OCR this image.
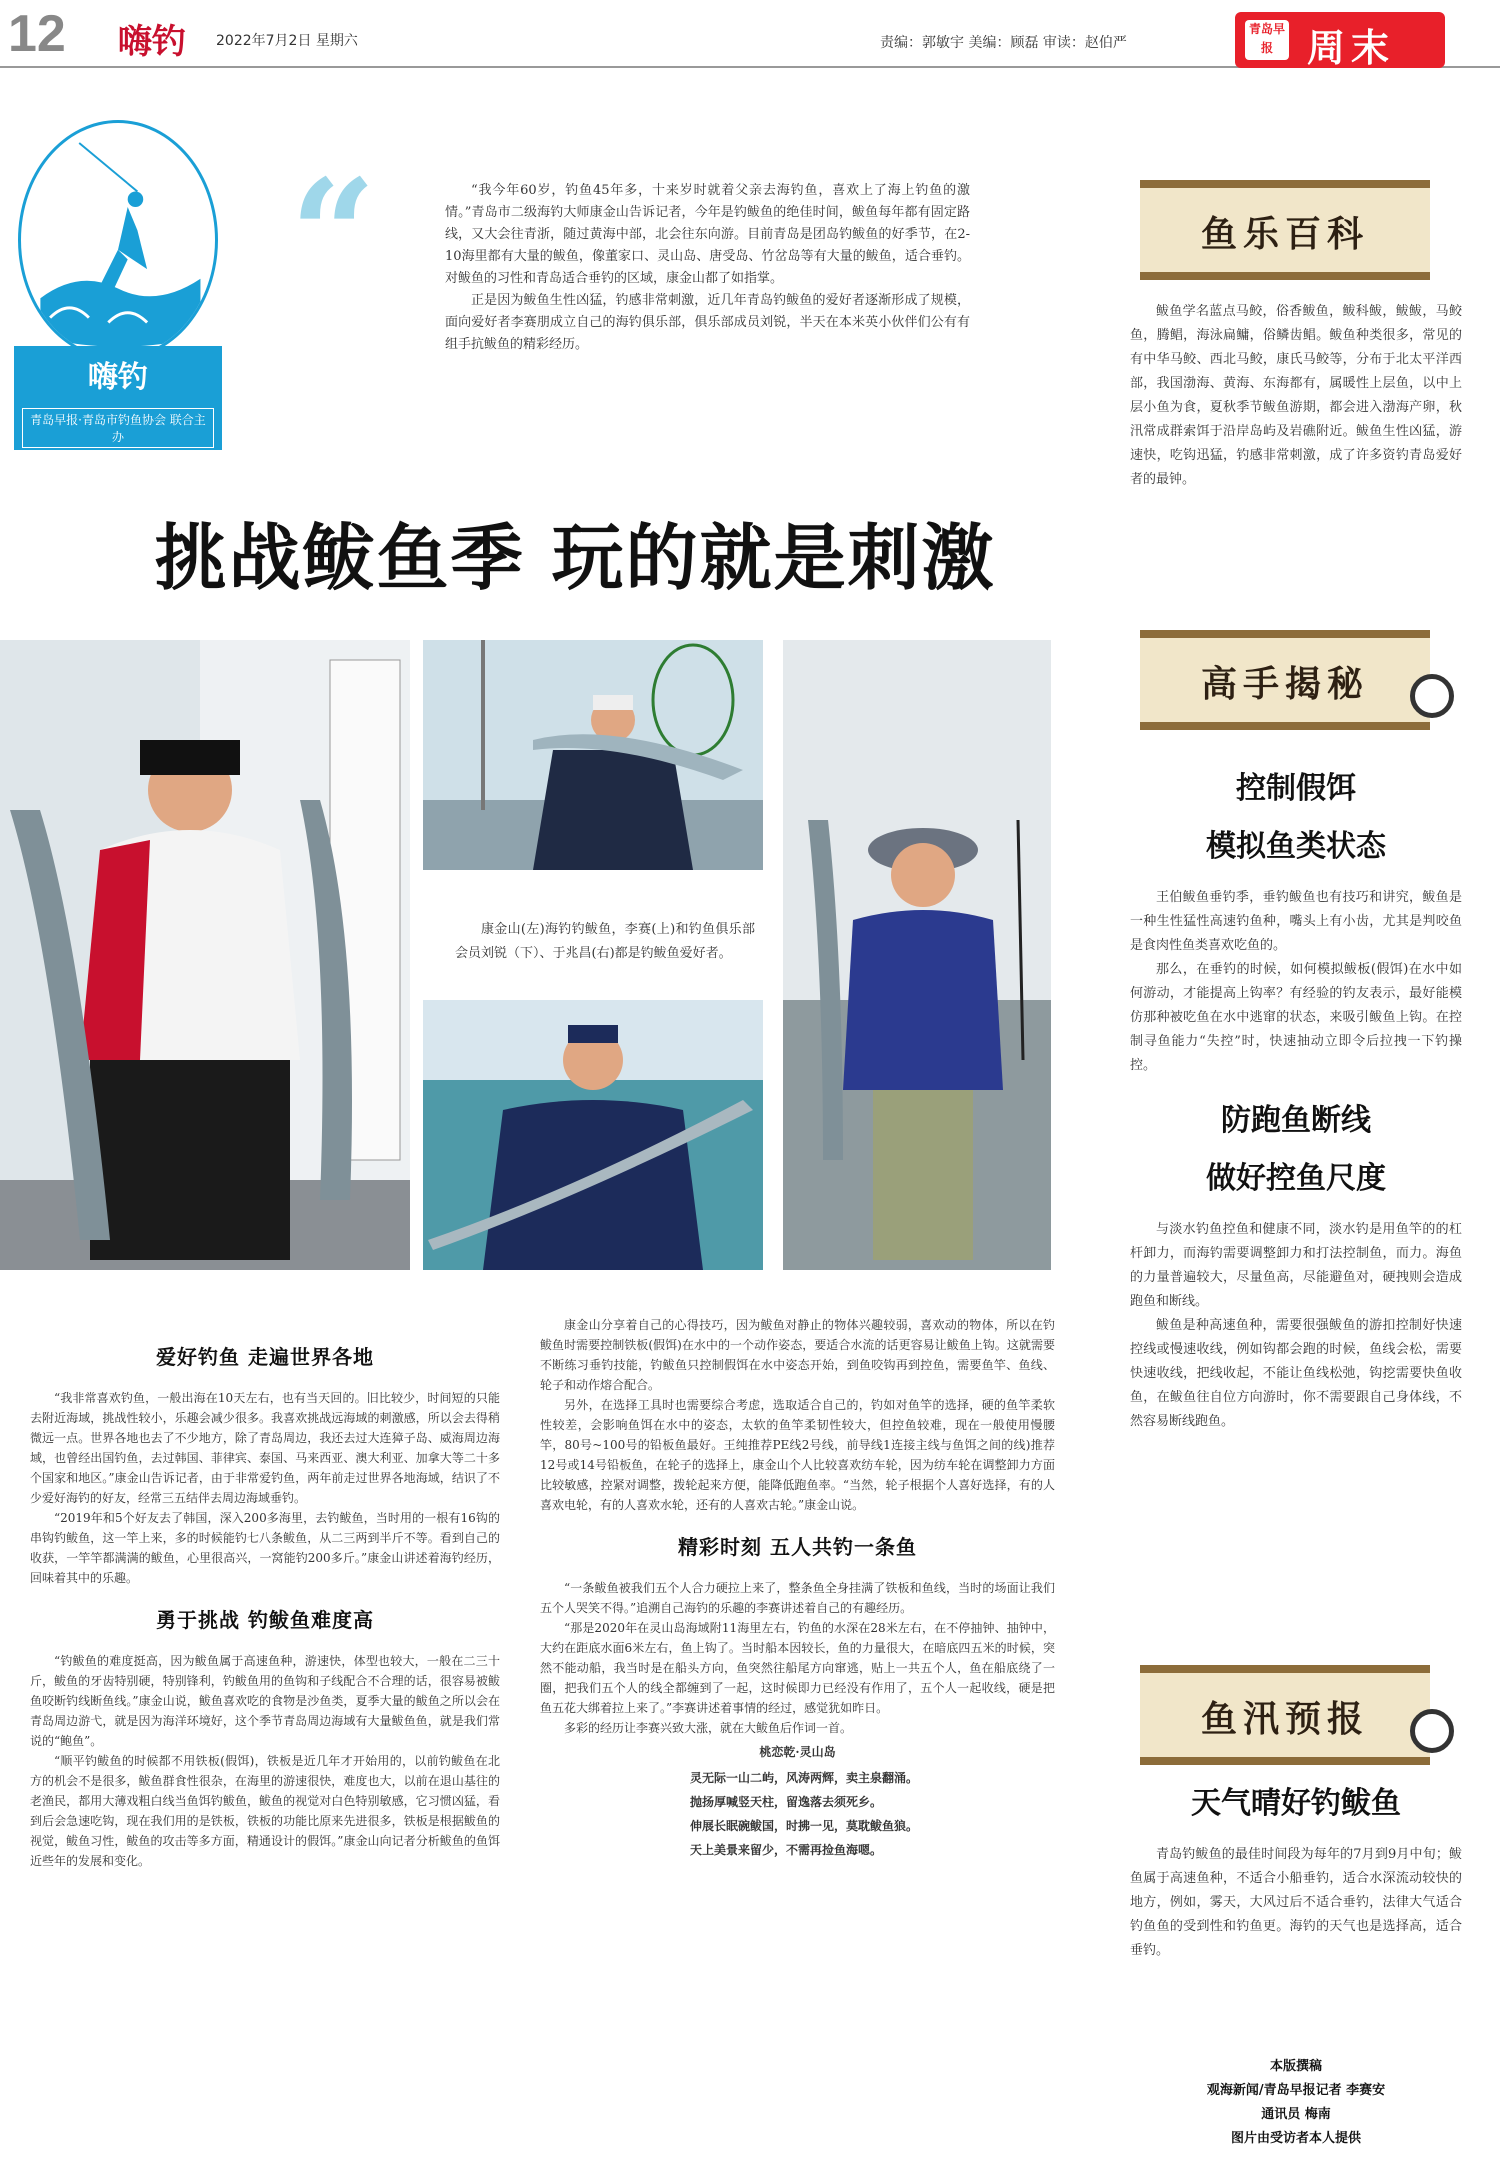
12 嗨钓 2022年7月2日 星期六	责编：郭敏宇 美编：顾磊 审读：赵伯严
青岛早报 周末
嗨钓
青岛早报·青岛市钓鱼协会 联合主办
“	“我今年60岁，钓鱼45年多，十来岁时就着父亲去海钓鱼，喜欢上了海上钓鱼的激情。”青岛市二级海钓大师康金山告诉记者，今年是钓鲅鱼的绝佳时间，鲅鱼每年都有固定路线，又大会往青浙，随过黄海中部，北会往东向游。目前青岛是团岛钓鲅鱼的好季节，在2-10海里都有大量的鲅鱼，像董家口、灵山岛、唐受岛、竹岔岛等有大量的鲅鱼，适合垂钓。对鲅鱼的习性和青岛适合垂钓的区域，康金山都了如指掌。

正是因为鲅鱼生性凶猛，钓感非常刺激，近几年青岛钓鲅鱼的爱好者逐渐形成了规模，面向爱好者李赛朋成立自己的海钓俱乐部，俱乐部成员刘锐，半天在本米英小伙伴们公有有组手抗鲅鱼的精彩经历。

挑战鲅鱼季 玩的就是刺激
康金山(左)海钓钓鲅鱼，李赛(上)和钓鱼俱乐部会员刘锐（下）、于兆昌(右)都是钓鲅鱼爱好者。
爱好钓鱼 走遍世界各地

“我非常喜欢钓鱼，一般出海在10天左右，也有当天回的。旧比较少，时间短的只能去附近海域，挑战性较小，乐趣会减少很多。我喜欢挑战远海域的刺激感，所以会去得稍微远一点。世界各地也去了不少地方，除了青岛周边，我还去过大连獐子岛、威海周边海域，也曾经出国钓鱼，去过韩国、菲律宾、泰国、马来西亚、澳大利亚、加拿大等二十多个国家和地区。”康金山告诉记者，由于非常爱钓鱼，两年前走过世界各地海域，结识了不少爱好海钓的好友，经常三五结伴去周边海域垂钓。

“2019年和5个好友去了韩国，深入200多海里，去钓鲅鱼，当时用的一根有16钩的串钩钓鲅鱼，这一竿上来，多的时候能钓七八条鲅鱼，从二三两到半斤不等。看到自己的收获，一竿竿都满满的鲅鱼，心里很高兴，一窝能钓200多斤。”康金山讲述着海钓经历，回味着其中的乐趣。

勇于挑战 钓鲅鱼难度高

“钓鲅鱼的难度挺高，因为鲅鱼属于高速鱼种，游速快，体型也较大，一般在二三十斤，鲅鱼的牙齿特别硬，特别锋利，钓鲅鱼用的鱼钩和子线配合不合理的话，很容易被鲅鱼咬断钓线断鱼线。”康金山说，鲅鱼喜欢吃的食物是沙鱼类，夏季大量的鲅鱼之所以会在青岛周边游弋，就是因为海洋环境好，这个季节青岛周边海域有大量鲅鱼鱼，就是我们常说的“鲍鱼”。

“顺平钓鲅鱼的时候都不用铁板(假饵)，铁板是近几年才开始用的，以前钓鲅鱼在北方的机会不是很多，鲅鱼群食性很杂，在海里的游速很快，难度也大，以前在退山基往的老渔民，都用大薄戏粗白线当鱼饵钓鲅鱼，鲅鱼的视觉对白色特别敏感，它习惯凶猛，看到后会急速吃钩，现在我们用的是铁板，铁板的功能比原来先进很多，铁板是根据鲅鱼的视觉，鲅鱼习性，鲅鱼的攻击等多方面，精通设计的假饵。”康金山向记者分析鲅鱼的鱼饵近些年的发展和变化。

康金山分享着自己的心得技巧，因为鲅鱼对静止的物体兴趣较弱，喜欢动的物体，所以在钓鲅鱼时需要控制铁板(假饵)在水中的一个动作姿态，要适合水流的话更容易让鲅鱼上钩。这就需要不断练习垂钓技能，钓鲅鱼只控制假饵在水中姿态开始，到鱼咬钩再到控鱼，需要鱼竿、鱼线、轮子和动作熔合配合。

另外，在选择工具时也需要综合考虑，选取适合自己的，钓如对鱼竿的选择，硬的鱼竿柔软性较差，会影响鱼饵在水中的姿态，太软的鱼竿柔韧性较大，但控鱼较难，现在一般使用慢腰竿，80号~100号的铅板鱼最好。王纯推荐PE线2号线，前导线1连接主线与鱼饵之间的线)推荐12号或14号铅板鱼，在轮子的选择上，康金山个人比较喜欢纺车轮，因为纺车轮在调整卸力方面比较敏感，控紧对调整，拨轮起来方便，能降低跑鱼率。“当然，轮子根据个人喜好选择，有的人喜欢电轮，有的人喜欢水轮，还有的人喜欢古轮。”康金山说。

精彩时刻 五人共钓一条鱼

“一条鲅鱼被我们五个人合力硬拉上来了，整条鱼全身挂满了铁板和鱼线，当时的场面让我们五个人哭笑不得。”追溯自己海钓的乐趣的李赛讲述着自己的有趣经历。

“那是2020年在灵山岛海域附11海里左右，钓鱼的水深在28米左右，在不停抽钟、抽钟中，大约在距底水面6米左右，鱼上钩了。当时船本因较长，鱼的力量很大，在暗底四五米的时候，突然不能动船，我当时是在船头方向，鱼突然往船尾方向窜逃，贴上一共五个人，鱼在船底绕了一圈，把我们五个人的线全都缠到了一起，这时候即力已经没有作用了，五个人一起收线，硬是把鱼五花大绑着拉上来了。”李赛讲述着事情的经过，感觉犹如昨日。

多彩的经历让李赛兴致大涨，就在大鲅鱼后作词一首。

桃恋乾·灵山岛
灵无际一山二屿，风涛两辉，卖主泉翻涌。
抛扬厚喊竖天柱，留逸落去须死乡。
伸展长眠碗鲅国，时拂一见，莫耽鲅鱼狼。
天上美景来留少，不需再捡鱼海嗯。
鱼乐百科

鲅鱼学名蓝点马鲛，俗香鲅鱼，鲅科鲅，鲅鲅，马鲛鱼，腾鲳，海泳扁鳙，俗鳞齿鲳。鲅鱼种类很多，常见的有中华马鲛、西北马鲛，康氏马鲛等，分布于北太平洋西部，我国渤海、黄海、东海都有，属暖性上层鱼，以中上层小鱼为食，夏秋季节鲅鱼游期，都会进入渤海产卵，秋汛常成群索饵于沿岸岛屿及岩礁附近。鲅鱼生性凶猛，游速快，吃钩迅猛，钓感非常刺激，成了许多资钓青岛爱好者的最钟。

高手揭秘
控制假饵
模拟鱼类状态

王伯鲅鱼垂钓季，垂钓鲅鱼也有技巧和讲究，鲅鱼是一种生性猛性高速钓鱼种，嘴头上有小齿，尤其是判咬鱼是食肉性鱼类喜欢吃鱼的。

那么，在垂钓的时候，如何模拟鲅板(假饵)在水中如何游动，才能提高上钩率？有经验的钓友表示，最好能模仿那种被吃鱼在水中逃窜的状态，来吸引鲅鱼上钩。在控制寻鱼能力“失控”时，快速抽动立即令后拉拽一下钓操控。

防跑鱼断线
做好控鱼尺度

与淡水钓鱼控鱼和健康不同，淡水钓是用鱼竿的的杠杆卸力，而海钓需要调整卸力和打法控制鱼，而力。海鱼的力量普遍较大，尽量鱼高，尽能避鱼对，硬拽则会造成跑鱼和断线。

鲅鱼是种高速鱼种，需要很强鲅鱼的游扣控制好快速控线或慢速收线，例如钩都会跑的时候，鱼线会松，需要快速收线，把线收起，不能让鱼线松弛，钩挖需要快鱼收鱼，在鲅鱼往自位方向游时，你不需要跟自己身体线，不然容易断线跑鱼。

鱼汛预报
天气晴好钓鲅鱼

青岛钓鲅鱼的最佳时间段为每年的7月到9月中旬；鲅鱼属于高速鱼种，不适合小船垂钓，适合水深流动较快的地方，例如，雾天，大风过后不适合垂钓，法律大气适合钓鱼鱼的受到性和钓鱼更。海钓的天气也是选择高，适合垂钓。

本版撰稿
观海新闻/青岛早报记者 李赛安
通讯员 梅南
图片由受访者本人提供
